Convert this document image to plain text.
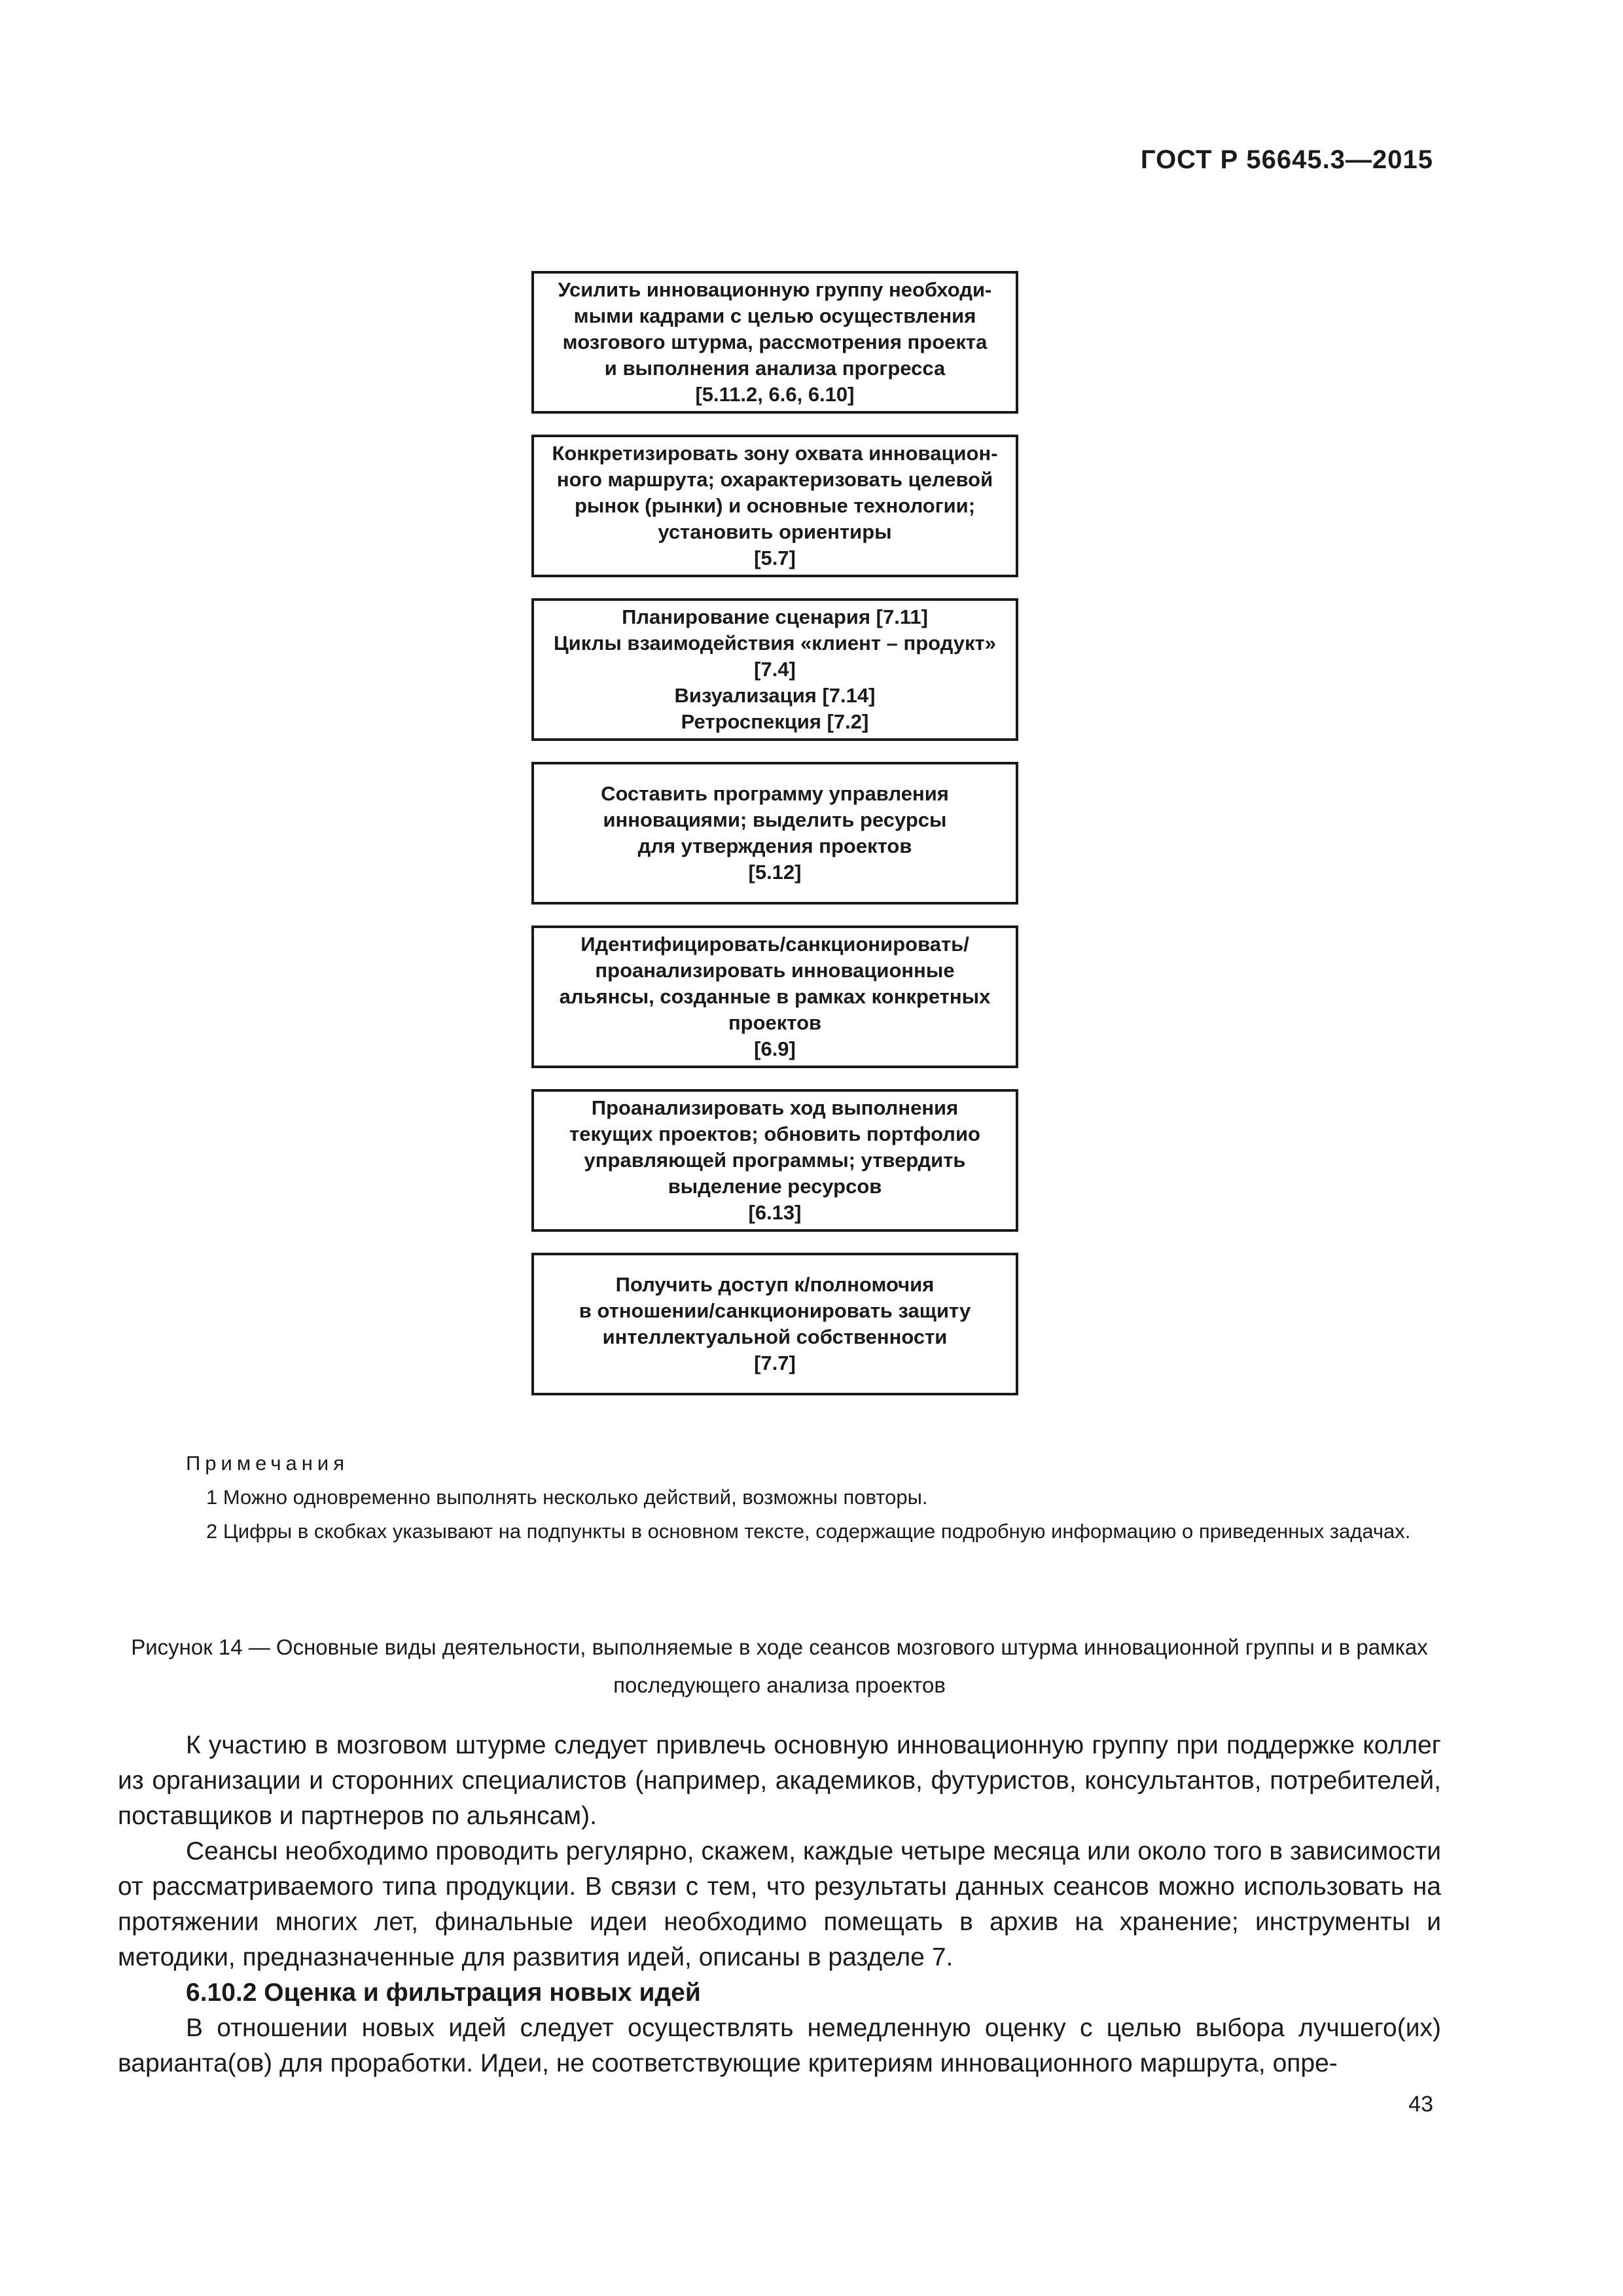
ГОСТ Р 56645.3—2015
Усилить инновационную группу необходи-
мыми кадрами с целью осуществления
мозгового штурма, рассмотрения проекта
и выполнения анализа прогресса
[5.11.2, 6.6, 6.10]
Конкретизировать зону охвата инновацион-
ного маршрута; охарактеризовать целевой
рынок (рынки) и основные технологии;
установить ориентиры
[5.7]
Планирование сценария [7.11]
Циклы взаимодействия «клиент – продукт»
[7.4]
Визуализация [7.14]
Ретроспекция [7.2]
Составить программу управления
инновациями; выделить ресурсы
для утверждения проектов
[5.12]
Идентифицировать/санкционировать/
проанализировать инновационные
альянсы, созданные в рамках конкретных
проектов
[6.9]
Проанализировать ход выполнения
текущих проектов; обновить портфолио
управляющей программы; утвердить
выделение ресурсов
[6.13]
Получить доступ к/полномочия
в отношении/санкционировать защиту
интеллектуальной собственности
[7.7]
Примечания
1 Можно одновременно выполнять несколько действий, возможны повторы.
2 Цифры в скобках указывают на подпункты в основном тексте, содержащие подробную информацию о приведенных задачах.
Рисунок 14 — Основные виды деятельности, выполняемые в ходе сеансов мозгового штурма инновационной группы и в рамках последующего анализа проектов

К участию в мозговом штурме следует привлечь основную инновационную группу при поддержке коллег из организации и сторонних специалистов (например, академиков, футуристов, консультантов, потребителей, поставщиков и партнеров по альянсам).

Сеансы необходимо проводить регулярно, скажем, каждые четыре месяца или около того в зависимости от рассматриваемого типа продукции. В связи с тем, что результаты данных сеансов можно использовать на протяжении многих лет, финальные идеи необходимо помещать в архив на хранение; инструменты и методики, предназначенные для развития идей, описаны в разделе 7.

6.10.2 Оценка и фильтрация новых идей

В отношении новых идей следует осуществлять немедленную оценку с целью выбора лучшего(их) варианта(ов) для проработки. Идеи, не соответствующие критериям инновационного маршрута, опре-

43
